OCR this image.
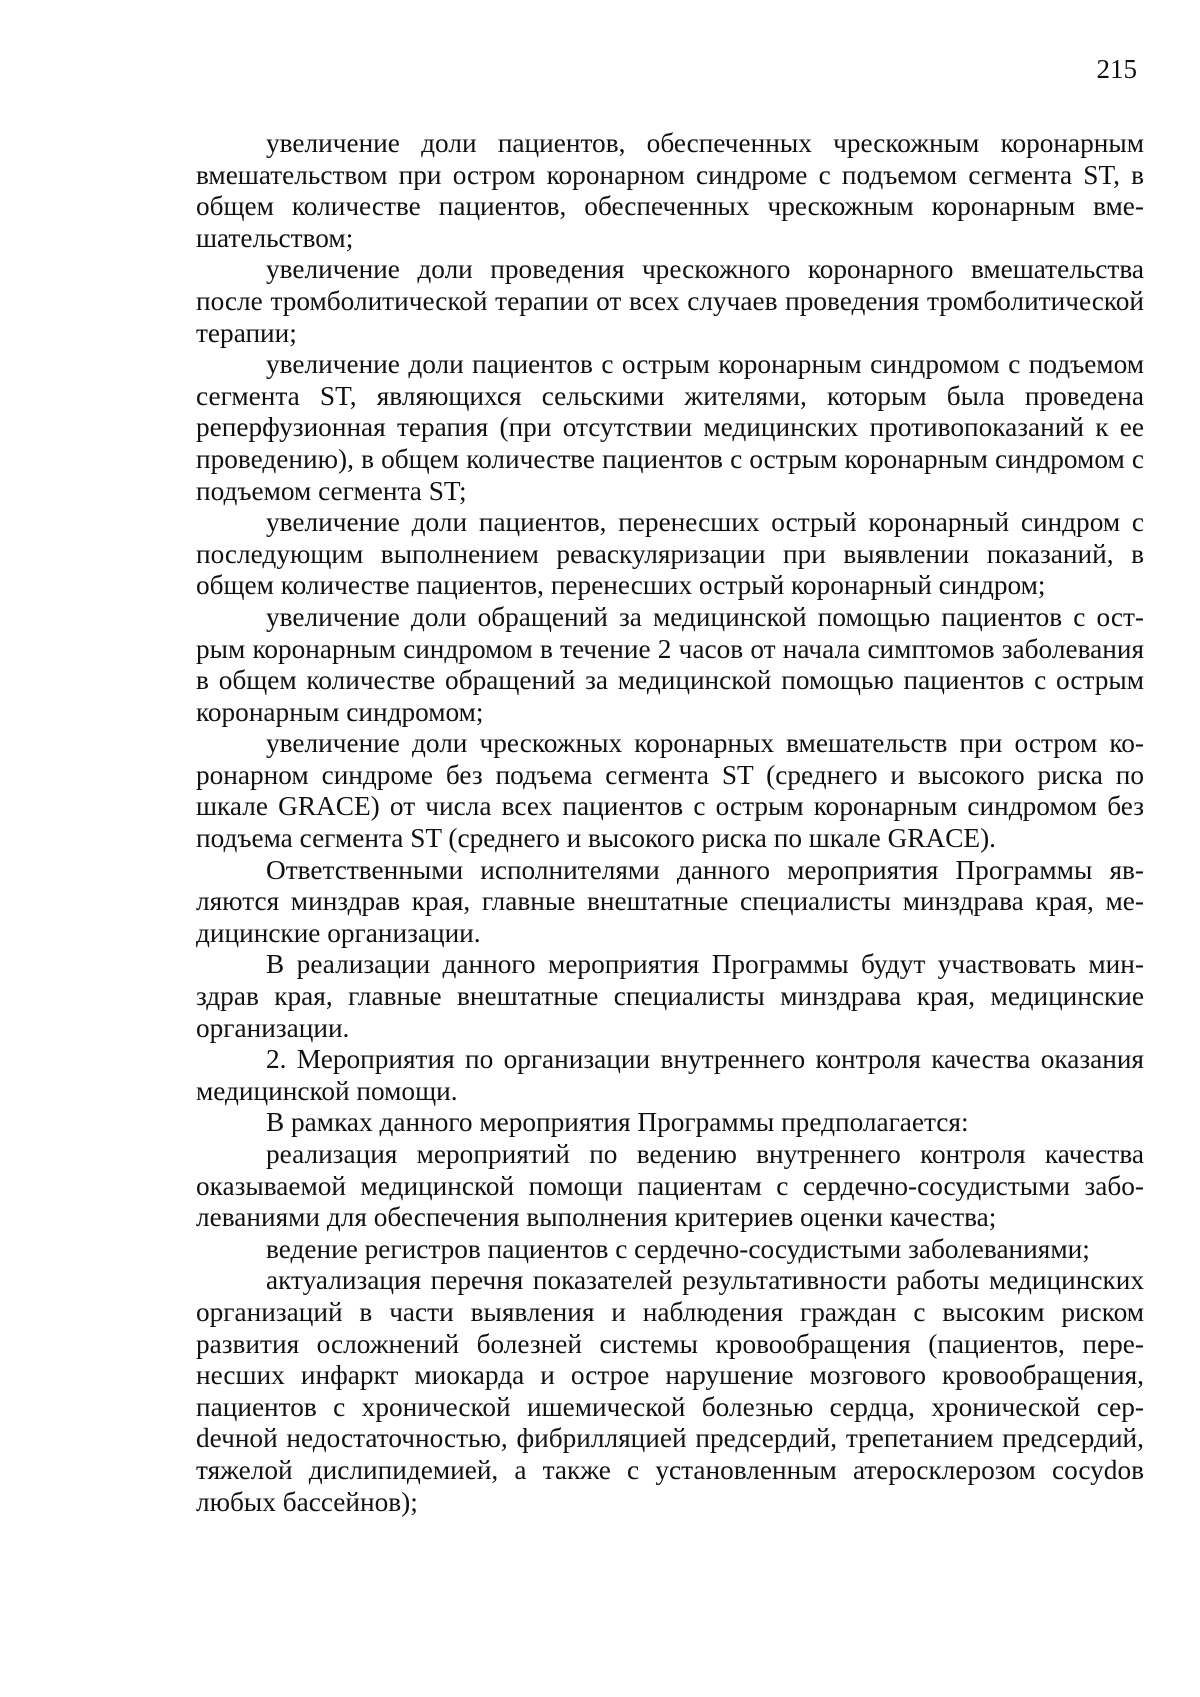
215

увеличение доли пациентов, обеспеченных чрескожным коронарным вмешательством при остром коронарном синдроме с подъемом сегмента ST, в общем количестве пациентов, обеспеченных чрескожным коронарным вмешательством;

увеличение доли проведения чрескожного коронарного вмешательства после тромболитической терапии от всех случаев проведения тромболитической терапии;

увеличение доли пациентов с острым коронарным синдромом с подъемом сегмента ST, являющихся сельскими жителями, которым была проведена реперфузионная терапия (при отсутствии медицинских противопоказаний к ее проведению), в общем количестве пациентов с острым коронарным синдромом с подъемом сегмента ST;

увеличение доли пациентов, перенесших острый коронарный синдром с последующим выполнением реваскуляризации при выявлении показаний, в общем количестве пациентов, перенесших острый коронарный синдром;

увеличение доли обращений за медицинской помощью пациентов с острым коронарным синдромом в течение 2 часов от начала симптомов заболевания в общем количестве обращений за медицинской помощью пациентов с острым коронарным синдромом;

увеличение доли чрескожных коронарных вмешательств при остром коронарном синдроме без подъема сегмента ST (среднего и высокого риска по шкале GRACE) от числа всех пациентов с острым коронарным синдромом без подъема сегмента ST (среднего и высокого риска по шкале GRACE).

Ответственными исполнителями данного мероприятия Программы являются минздрав края, главные внештатные специалисты минздрава края, медицинские организации.

В реализации данного мероприятия Программы будут участвовать минздрав края, главные внештатные специалисты минздрава края, медицинские организации.

2. Мероприятия по организации внутреннего контроля качества оказания медицинской помощи.

В рамках данного мероприятия Программы предполагается:

реализация мероприятий по ведению внутреннего контроля качества оказываемой медицинской помощи пациентам с сердечно-сосудистыми заболеваниями для обеспечения выполнения критериев оценки качества;

ведение регистров пациентов с сердечно-сосудистыми заболеваниями;

актуализация перечня показателей результативности работы медицинских организаций в части выявления и наблюдения граждан с высоким риском развития осложнений болезней системы кровообращения (пациентов, перенесших инфаркт миокарда и острое нарушение мозгового кровообращения, пациентов с хронической ишемической болезнью сердца, хронической серdечной недостаточностью, фибрилляцией предсердий, трепетанием предсердий, тяжелой дислипидемией, а также с установленным атеросклерозом сосуdов любых бассейнов);
